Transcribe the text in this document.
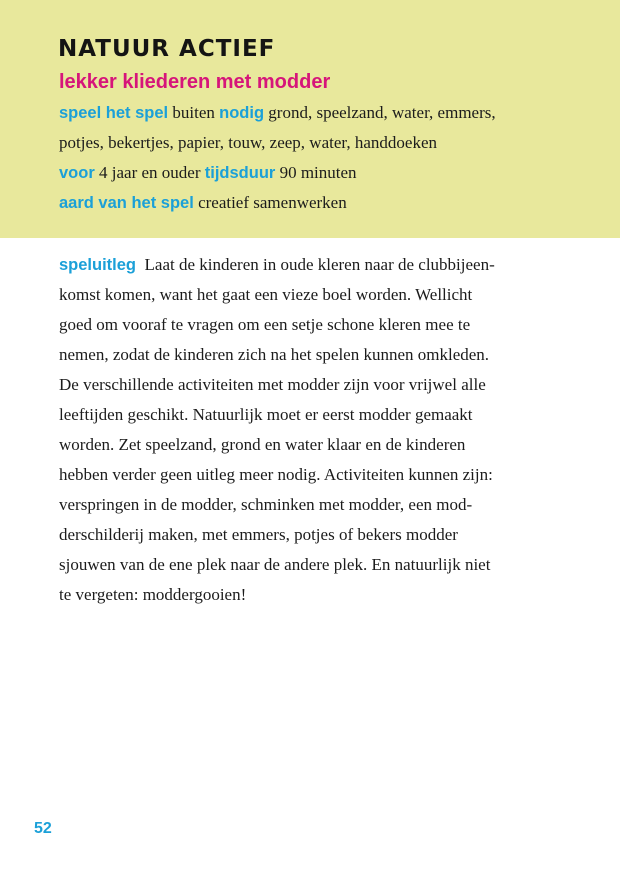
NATUUR ACTIEF
lekker kliederen met modder
speel het spel buiten nodig grond, speelzand, water, emmers,
potjes, bekertjes, papier, touw, zeep, water, handdoeken
voor 4 jaar en ouder tijdsduur 90 minuten
aard van het spel creatief samenwerken
speluitleg Laat de kinderen in oude kleren naar de clubbijeen-
komst komen, want het gaat een vieze boel worden. Wellicht
goed om vooraf te vragen om een setje schone kleren mee te
nemen, zodat de kinderen zich na het spelen kunnen omkleden.
De verschillende activiteiten met modder zijn voor vrijwel alle
leeftijden geschikt. Natuurlijk moet er eerst modder gemaakt
worden. Zet speelzand, grond en water klaar en de kinderen
hebben verder geen uitleg meer nodig. Activiteiten kunnen zijn:
verspringen in de modder, schminken met modder, een mod-
derschilderij maken, met emmers, potjes of bekers modder
sjouwen van de ene plek naar de andere plek. En natuurlijk niet
te vergeten: moddergooien!
52
